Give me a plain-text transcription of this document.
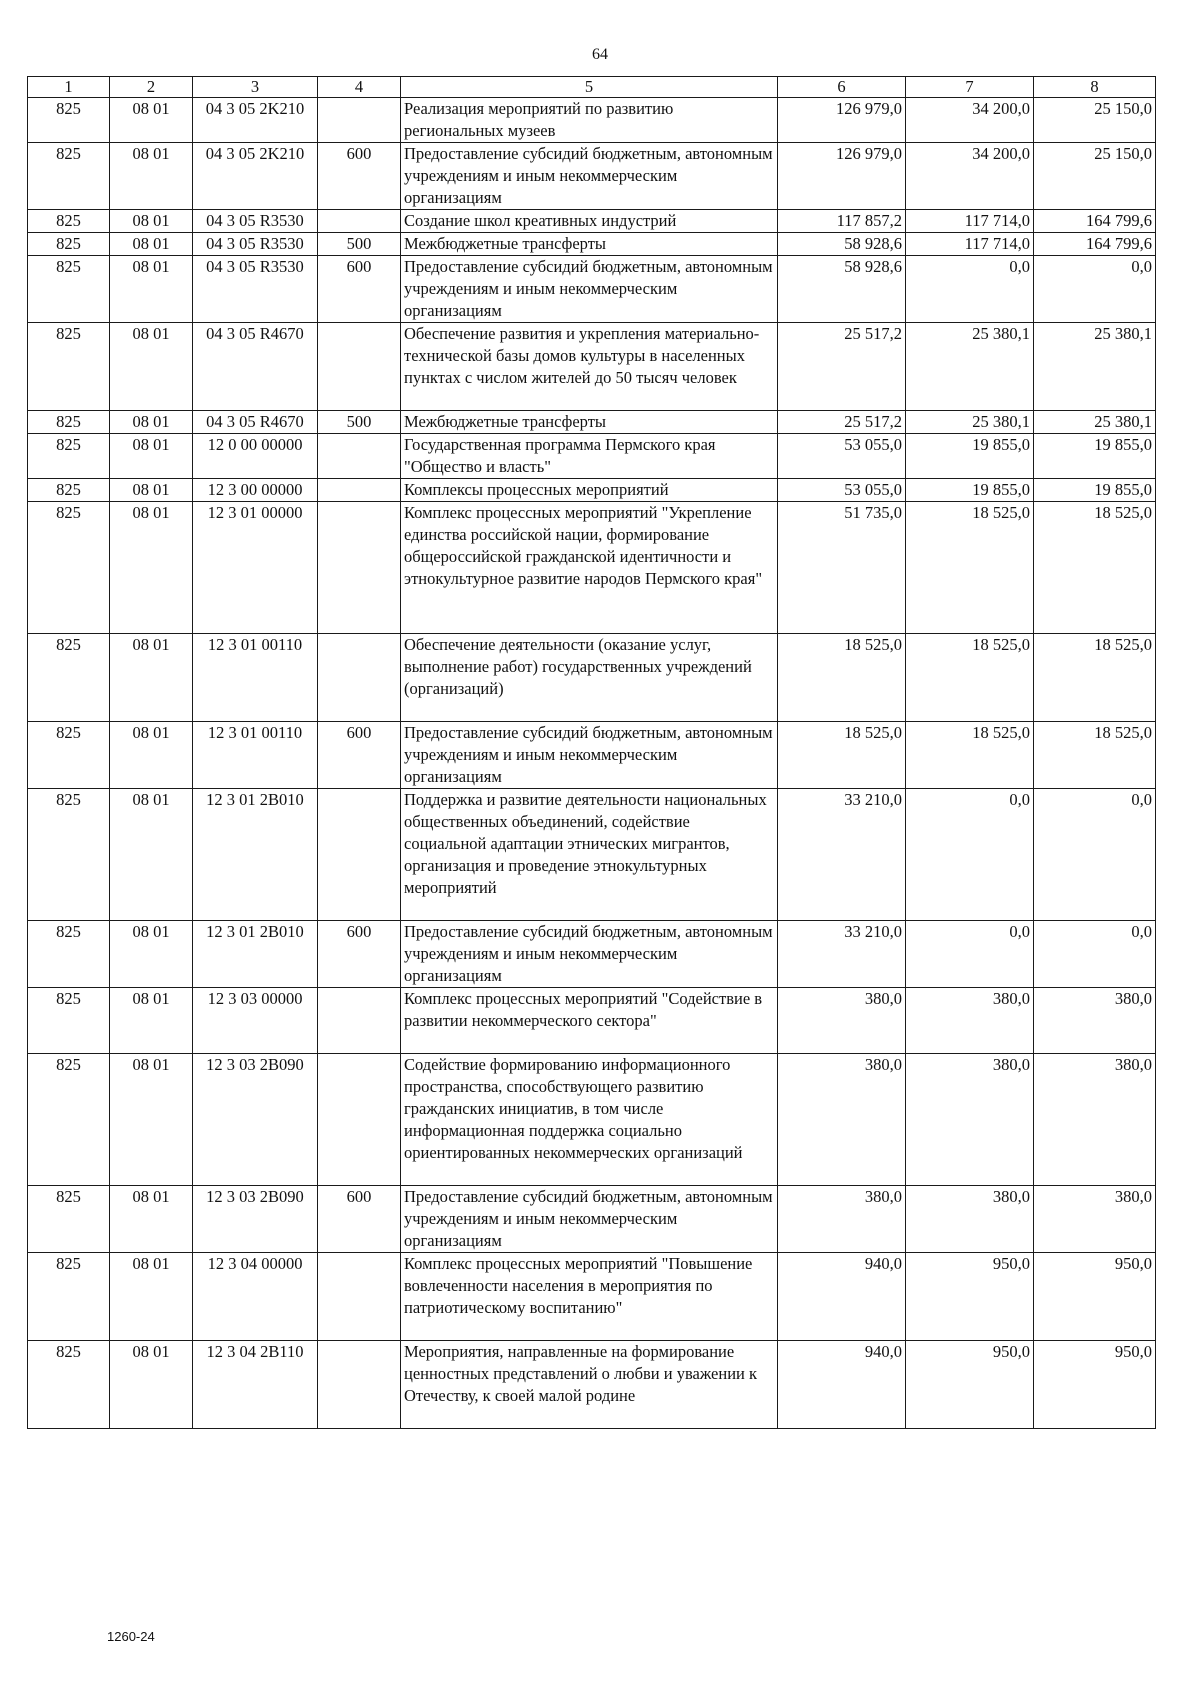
64
1	2	3	4	5	6	7	8
825	08 01	04 3 05 2K210		Реализация мероприятий по развитию региональных музеев	126 979,0	34 200,0	25 150,0
825	08 01	04 3 05 2K210	600	Предоставление субсидий бюджетным, автономным учреждениям и иным некоммерческим организациям	126 979,0	34 200,0	25 150,0
825	08 01	04 3 05 R3530		Создание школ креативных индустрий	117 857,2	117 714,0	164 799,6
825	08 01	04 3 05 R3530	500	Межбюджетные трансферты	58 928,6	117 714,0	164 799,6
825	08 01	04 3 05 R3530	600	Предоставление субсидий бюджетным, автономным учреждениям и иным некоммерческим организациям	58 928,6	0,0	0,0
825	08 01	04 3 05 R4670		Обеспечение развития и укрепления материально-технической базы домов культуры в населенных пунктах с числом жителей до 50 тысяч человек	25 517,2	25 380,1	25 380,1
825	08 01	04 3 05 R4670	500	Межбюджетные трансферты	25 517,2	25 380,1	25 380,1
825	08 01	12 0 00 00000		Государственная программа Пермского края "Общество и власть"	53 055,0	19 855,0	19 855,0
825	08 01	12 3 00 00000		Комплексы процессных мероприятий	53 055,0	19 855,0	19 855,0
825	08 01	12 3 01 00000		Комплекс процессных мероприятий "Укрепление единства российской нации, формирование общероссийской гражданской идентичности и этнокультурное развитие народов Пермского края"	51 735,0	18 525,0	18 525,0
825	08 01	12 3 01 00110		Обеспечение деятельности (оказание услуг, выполнение работ) государственных учреждений (организаций)	18 525,0	18 525,0	18 525,0
825	08 01	12 3 01 00110	600	Предоставление субсидий бюджетным, автономным учреждениям и иным некоммерческим организациям	18 525,0	18 525,0	18 525,0
825	08 01	12 3 01 2B010		Поддержка и развитие деятельности национальных общественных объединений, содействие социальной адаптации этнических мигрантов, организация и проведение этнокультурных мероприятий	33 210,0	0,0	0,0
825	08 01	12 3 01 2B010	600	Предоставление субсидий бюджетным, автономным учреждениям и иным некоммерческим организациям	33 210,0	0,0	0,0
825	08 01	12 3 03 00000		Комплекс процессных мероприятий "Содействие в развитии некоммерческого сектора"	380,0	380,0	380,0
825	08 01	12 3 03 2B090		Содействие формированию информационного пространства, способствующего развитию гражданских инициатив, в том числе информационная поддержка социально ориентированных некоммерческих организаций	380,0	380,0	380,0
825	08 01	12 3 03 2B090	600	Предоставление субсидий бюджетным, автономным учреждениям и иным некоммерческим организациям	380,0	380,0	380,0
825	08 01	12 3 04 00000		Комплекс процессных мероприятий "Повышение вовлеченности населения в мероприятия по патриотическому воспитанию"	940,0	950,0	950,0
825	08 01	12 3 04 2B110		Мероприятия, направленные на формирование ценностных представлений о любви и уважении к Отечеству, к своей малой родине	940,0	950,0	950,0
1260-24
